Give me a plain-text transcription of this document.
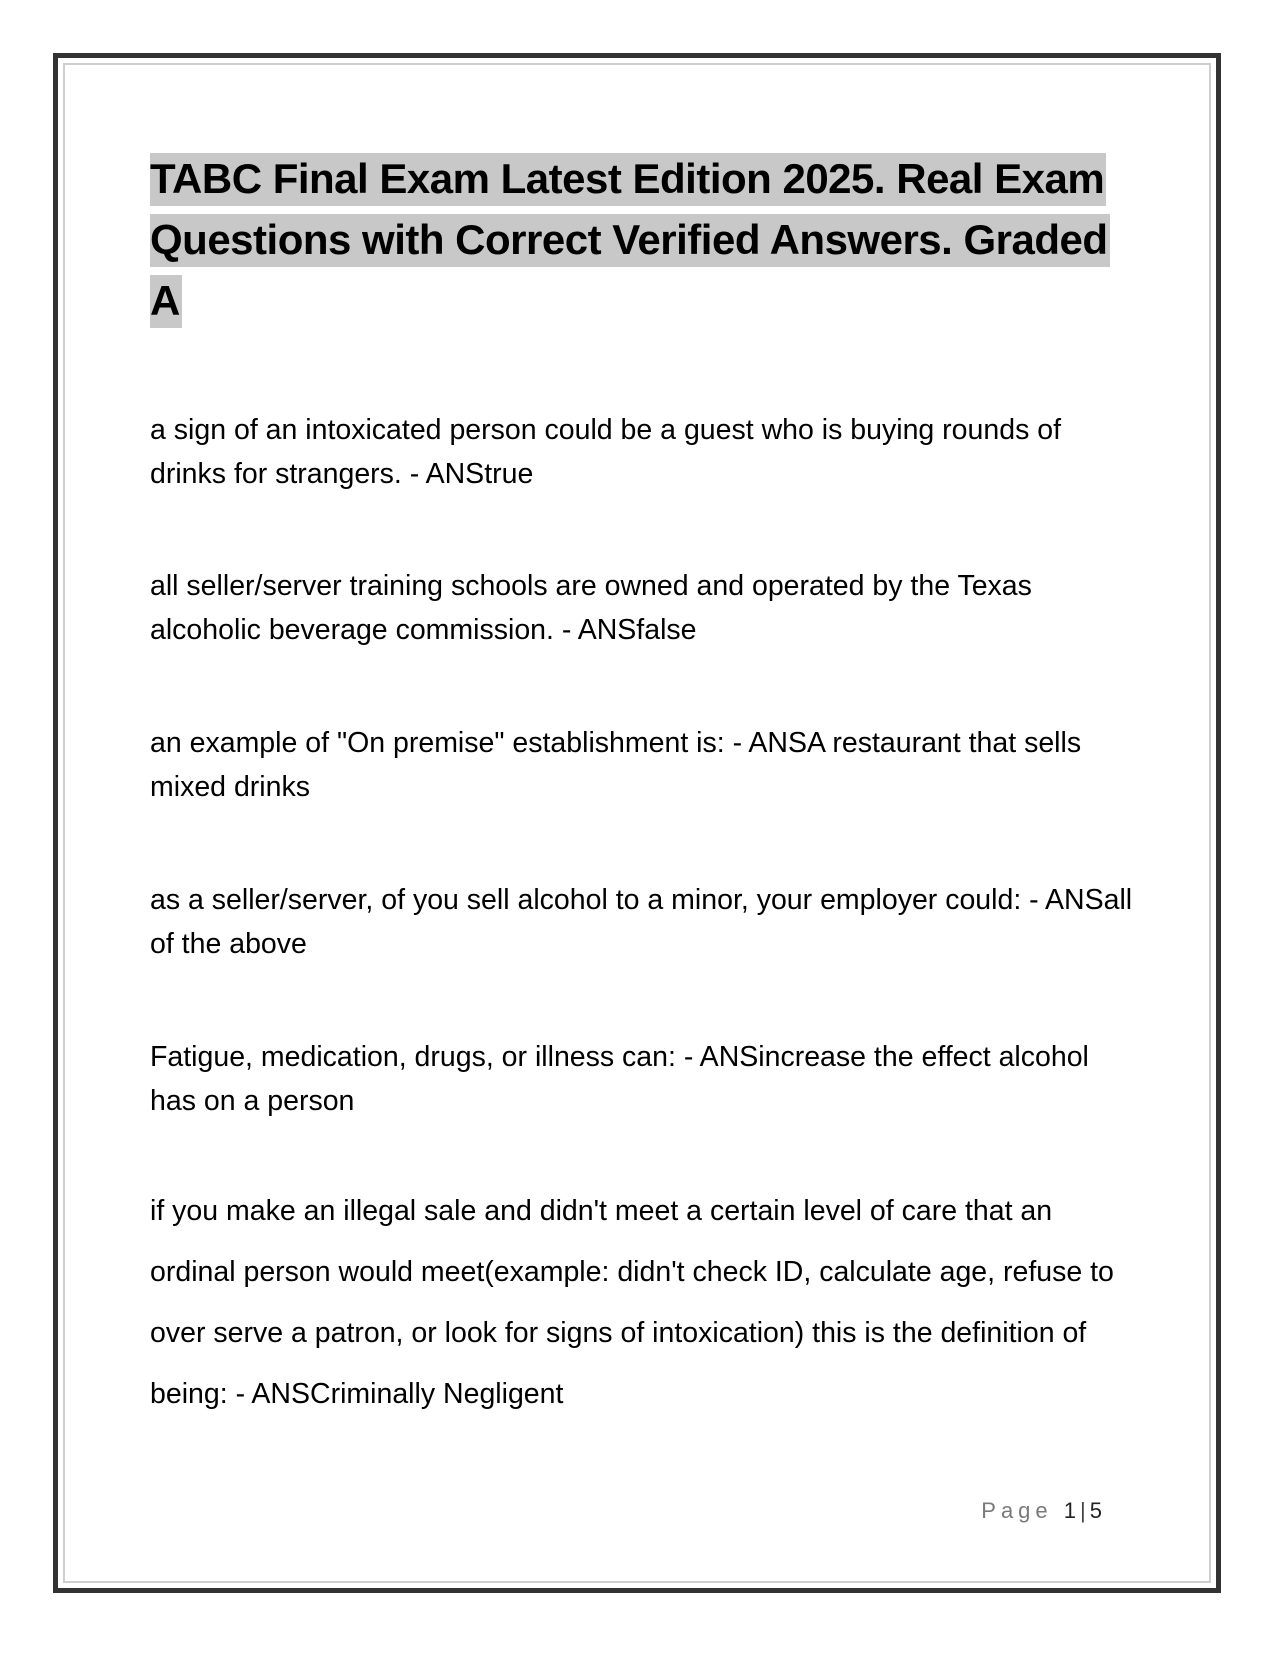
TABC Final Exam Latest Edition 2025. Real Exam Questions with Correct Verified Answers. Graded A

a sign of an intoxicated person could be a guest who is buying rounds of drinks for strangers. - ANStrue

all seller/server training schools are owned and operated by the Texas alcoholic beverage commission. - ANSfalse

an example of "On premise" establishment is: - ANSA restaurant that sells mixed drinks

as a seller/server, of you sell alcohol to a minor, your employer could: - ANSall of the above

Fatigue, medication, drugs, or illness can: - ANSincrease the effect alcohol has on a person

if you make an illegal sale and didn't meet a certain level of care that an ordinal person would meet(example: didn't check ID, calculate age, refuse to over serve a patron, or look for signs of intoxication) this is the definition of being: - ANSCriminally Negligent

Page 1 | 5
